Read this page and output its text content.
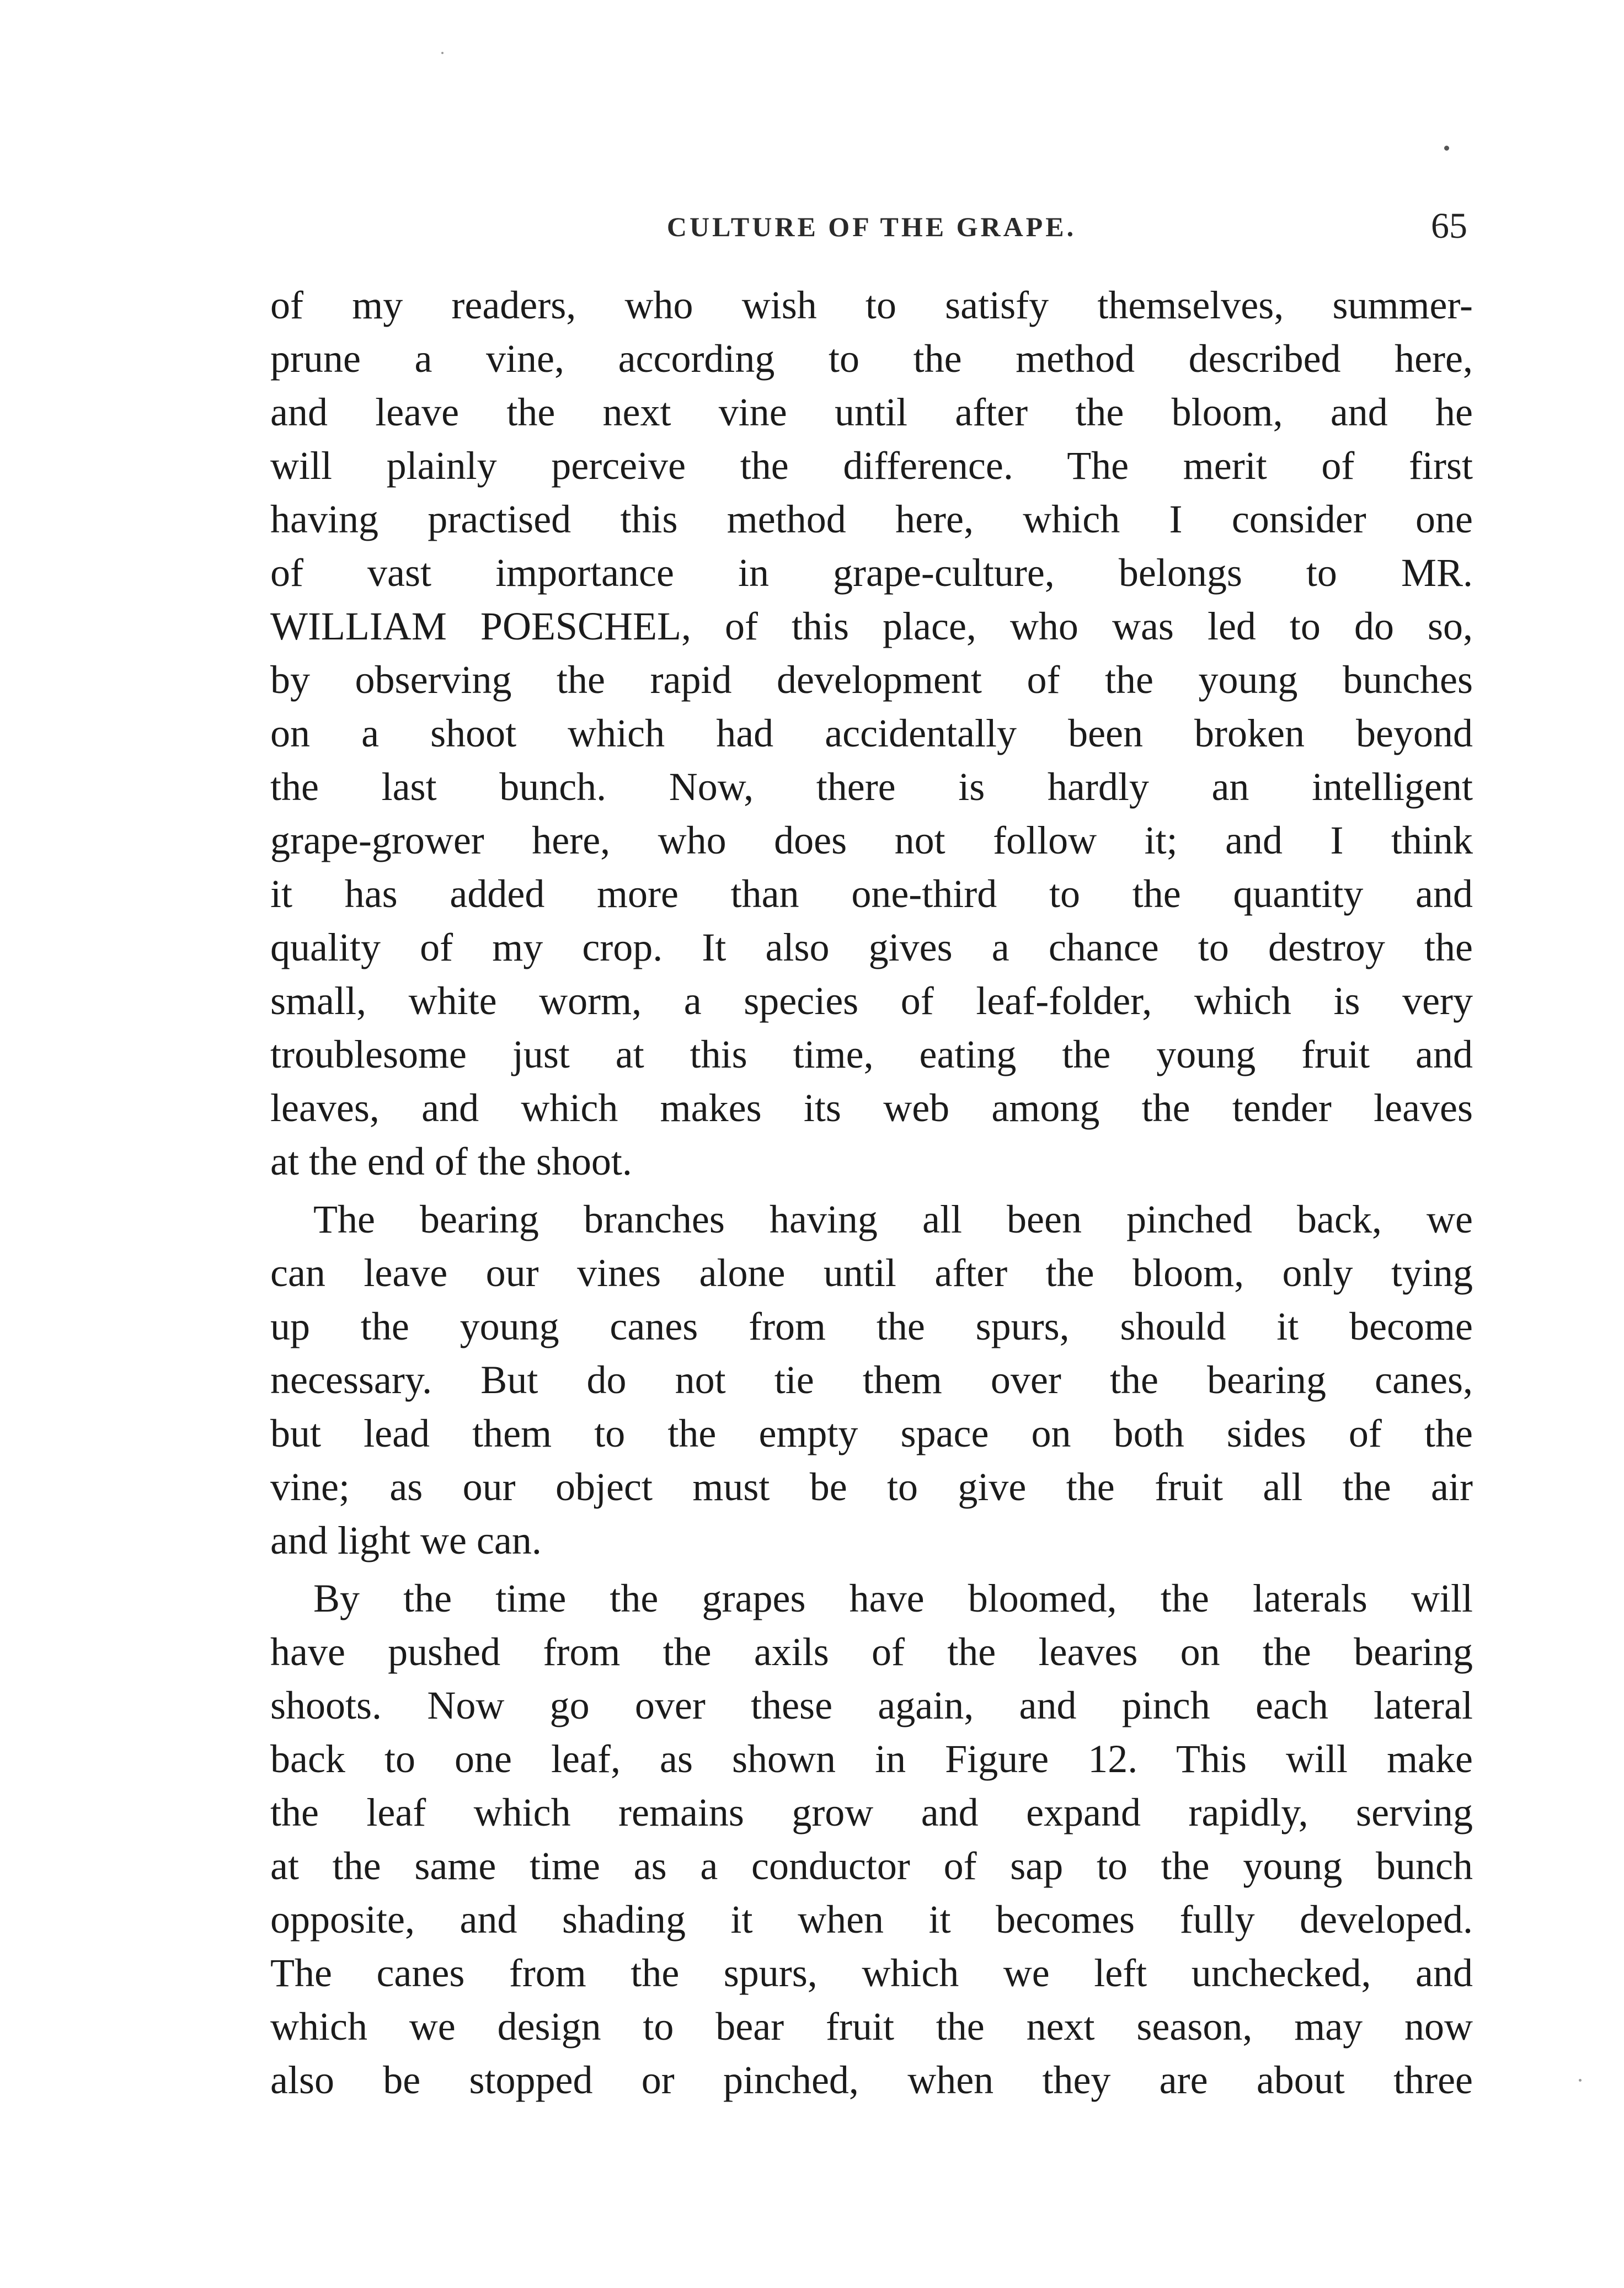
CULTURE OF THE GRAPE.	65
of my readers, who wish to satisfy themselves, summer-
prune a vine, according to the method described here,
and leave the next vine until after the bloom, and he
will plainly perceive the difference. The merit of first
having practised this method here, which I consider one
of vast importance in grape-culture, belongs to MR.
WILLIAM POESCHEL, of this place, who was led to do so,
by observing the rapid development of the young bunches
on a shoot which had accidentally been broken beyond
the last bunch. Now, there is hardly an intelligent
grape-grower here, who does not follow it; and I think
it has added more than one-third to the quantity and
quality of my crop. It also gives a chance to destroy the
small, white worm, a species of leaf-folder, which is very
troublesome just at this time, eating the young fruit and
leaves, and which makes its web among the tender leaves
at the end of the shoot.
The bearing branches having all been pinched back, we
can leave our vines alone until after the bloom, only tying
up the young canes from the spurs, should it become
necessary. But do not tie them over the bearing canes,
but lead them to the empty space on both sides of the
vine; as our object must be to give the fruit all the air
and light we can.
By the time the grapes have bloomed, the laterals will
have pushed from the axils of the leaves on the bearing
shoots. Now go over these again, and pinch each lateral
back to one leaf, as shown in Figure 12. This will make
the leaf which remains grow and expand rapidly, serving
at the same time as a conductor of sap to the young bunch
opposite, and shading it when it becomes fully developed.
The canes from the spurs, which we left unchecked, and
which we design to bear fruit the next season, may now
also be stopped or pinched, when they are about three
